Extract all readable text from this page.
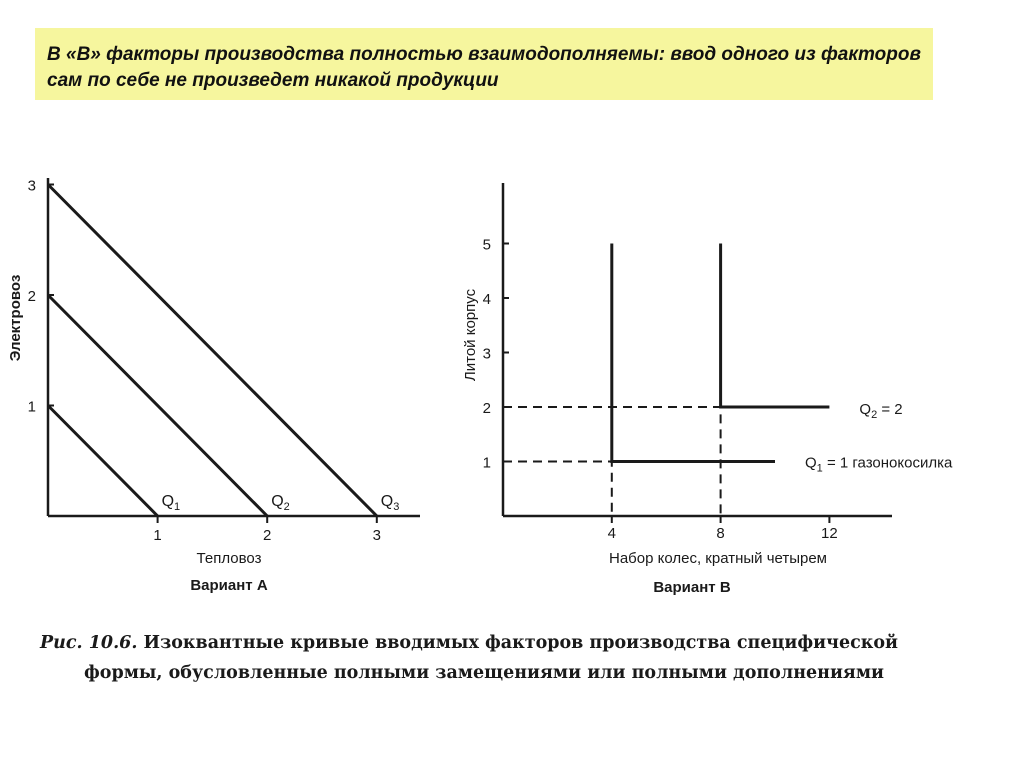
В «В» факторы производства полностью взаимодополняемы: ввод одного из факторов сам по себе не произведет никакой продукции
1
2
3
1	2	3
$Q_1$	$Q_2$	$Q_3$
Электровоз
Тепловоз
Вариант A
1
2
3
4
5
4	8	12
$Q_1 = 1$ газонокосилка
$Q_2 = 2$
Литой корпус
Набор колес, кратный четырем
Вариант B
Рис. 10.6. Изоквантные кривые вводимых факторов производства специфической
формы, обусловленные полными замещениями или полными дополнениями
